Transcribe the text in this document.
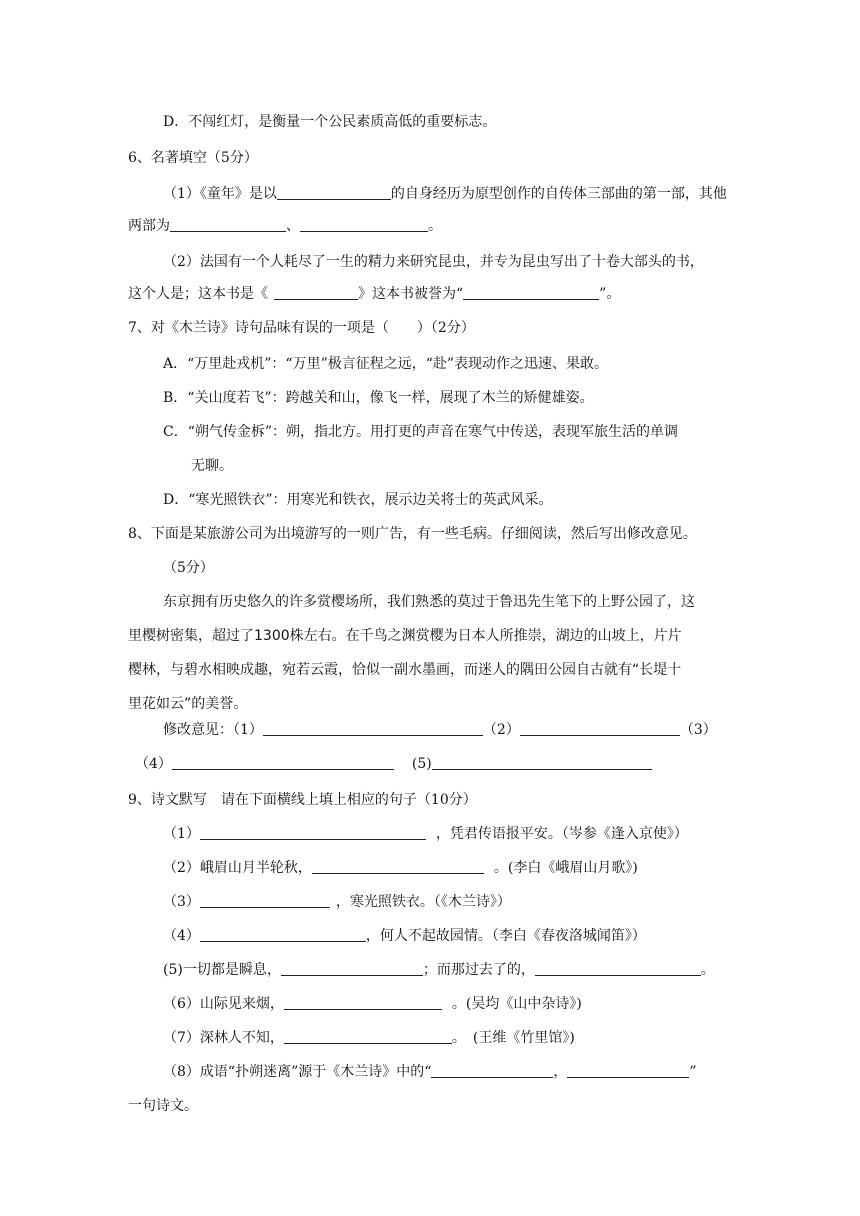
D．不闯红灯，是衡量一个公民素质高低的重要标志。
6、名著填空（5分）
（1）《童年》是以	的自身经历为原型创作的自传体三部曲的第一部，其他
两部为	、	。
（2）法国有一个人耗尽了一生的精力来研究昆虫，并专为昆虫写出了十卷大部头的书，
这个人是；这本书是《	》这本书被誉为“	”。
7、对《木兰诗》诗句品味有误的一项是（　　）（2分）
A．“万里赴戎机”：“万里”极言征程之远，“赴”表现动作之迅速、果敢。
B．“关山度若飞”：跨越关和山，像飞一样，展现了木兰的矫健雄姿。
C．“朔气传金柝”：朔，指北方。用打更的声音在寒气中传送，表现军旅生活的单调
无聊。
D．“寒光照铁衣”：用寒光和铁衣，展示边关将士的英武风采。
8、下面是某旅游公司为出境游写的一则广告，有一些毛病。仔细阅读，然后写出修改意见。
（5分）
东京拥有历史悠久的许多赏樱场所，我们熟悉的莫过于鲁迅先生笔下的上野公园了，这
里樱树密集，超过了1300株左右。在千鸟之渊赏樱为日本人所推崇，湖边的山坡上，片片
樱林，与碧水相映成趣，宛若云霞，恰似一副水墨画，而迷人的隅田公园自古就有“长堤十
里花如云”的美誉。
修改意见：（1）	（2）	（3）
（4）	(5)
9、诗文默写　请在下面横线上填上相应的句子（10分）
（1）	，凭君传语报平安。（岑参《逢入京使》）
（2）峨眉山月半轮秋，	。(李白《峨眉山月歌》)
（3）	，寒光照铁衣。（《木兰诗》）
（4）	，何人不起故园情。（李白《春夜洛城闻笛》）
(5)一切都是瞬息，	；而那过去了的，	。
（6）山际见来烟，	。(吴均《山中杂诗》)
（7）深林人不知，	。　(王维《竹里馆》)
（8）成语“扑朔迷离”源于《木兰诗》中的“	，	”
一句诗文。
